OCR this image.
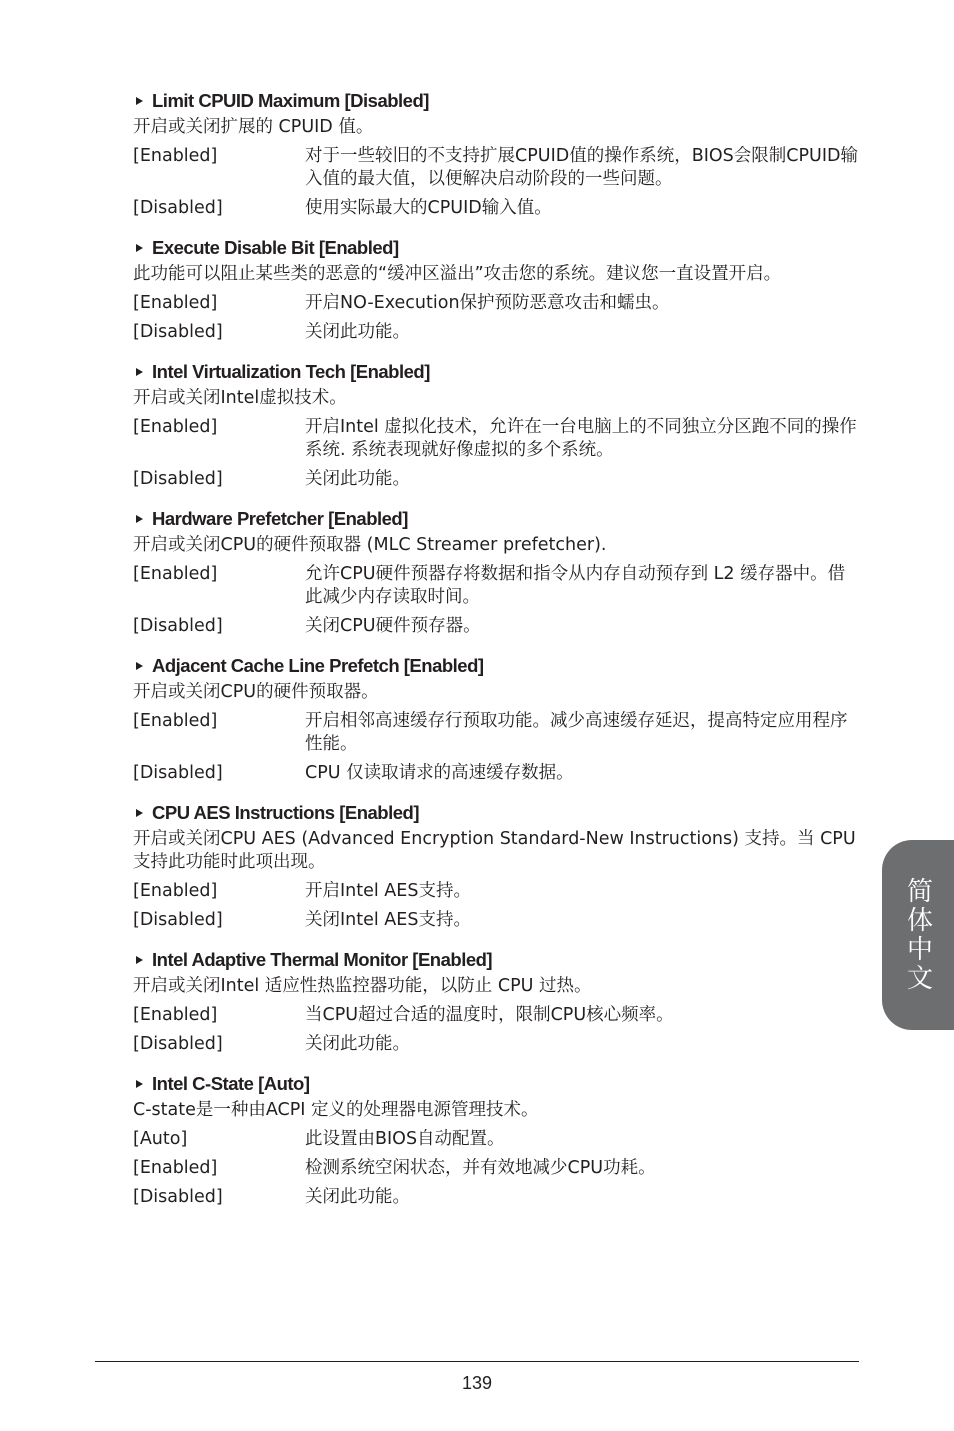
Limit CPUID Maximum [Disabled]
开启或关闭扩展的 CPUID 值。
[Enabled]	对于一些较旧的不支持扩展CPUID值的操作系统，BIOS会限制CPUID输入值的最大值，以便解决启动阶段的一些问题。
[Disabled]	使用实际最大的CPUID输入值。
Execute Disable Bit [Enabled]
此功能可以阻止某些类的恶意的“缓冲区溢出”攻击您的系统。建议您一直设置开启。
[Enabled]	开启NO-Execution保护预防恶意攻击和蠕虫。
[Disabled]	关闭此功能。
Intel Virtualization Tech [Enabled]
开启或关闭Intel虚拟技术。
[Enabled]	开启Intel 虚拟化技术，允许在一台电脑上的不同独立分区跑不同的操作系统. 系统表现就好像虚拟的多个系统。
[Disabled]	关闭此功能。
Hardware Prefetcher [Enabled]
开启或关闭CPU的硬件预取器 (MLC Streamer prefetcher).
[Enabled]	允许CPU硬件预器存将数据和指令从内存自动预存到 L2 缓存器中。借此减少内存读取时间。
[Disabled]	关闭CPU硬件预存器。
Adjacent Cache Line Prefetch [Enabled]
开启或关闭CPU的硬件预取器。
[Enabled]	开启相邻高速缓存行预取功能。减少高速缓存延迟，提高特定应用程序性能。
[Disabled]	CPU 仅读取请求的高速缓存数据。
CPU AES Instructions [Enabled]
开启或关闭CPU AES (Advanced Encryption Standard-New Instructions) 支持。当 CPU支持此功能时此项出现。
[Enabled]	开启Intel AES支持。
[Disabled]	关闭Intel AES支持。
Intel Adaptive Thermal Monitor [Enabled]
开启或关闭Intel 适应性热监控器功能，以防止 CPU 过热。
[Enabled]	当CPU超过合适的温度时，限制CPU核心频率。
[Disabled]	关闭此功能。
Intel C-State [Auto]
C-state是一种由ACPI 定义的处理器电源管理技术。
[Auto]	此设置由BIOS自动配置。
[Enabled]	检测系统空闲状态，并有效地减少CPU功耗。
[Disabled]	关闭此功能。
简体中文
139
